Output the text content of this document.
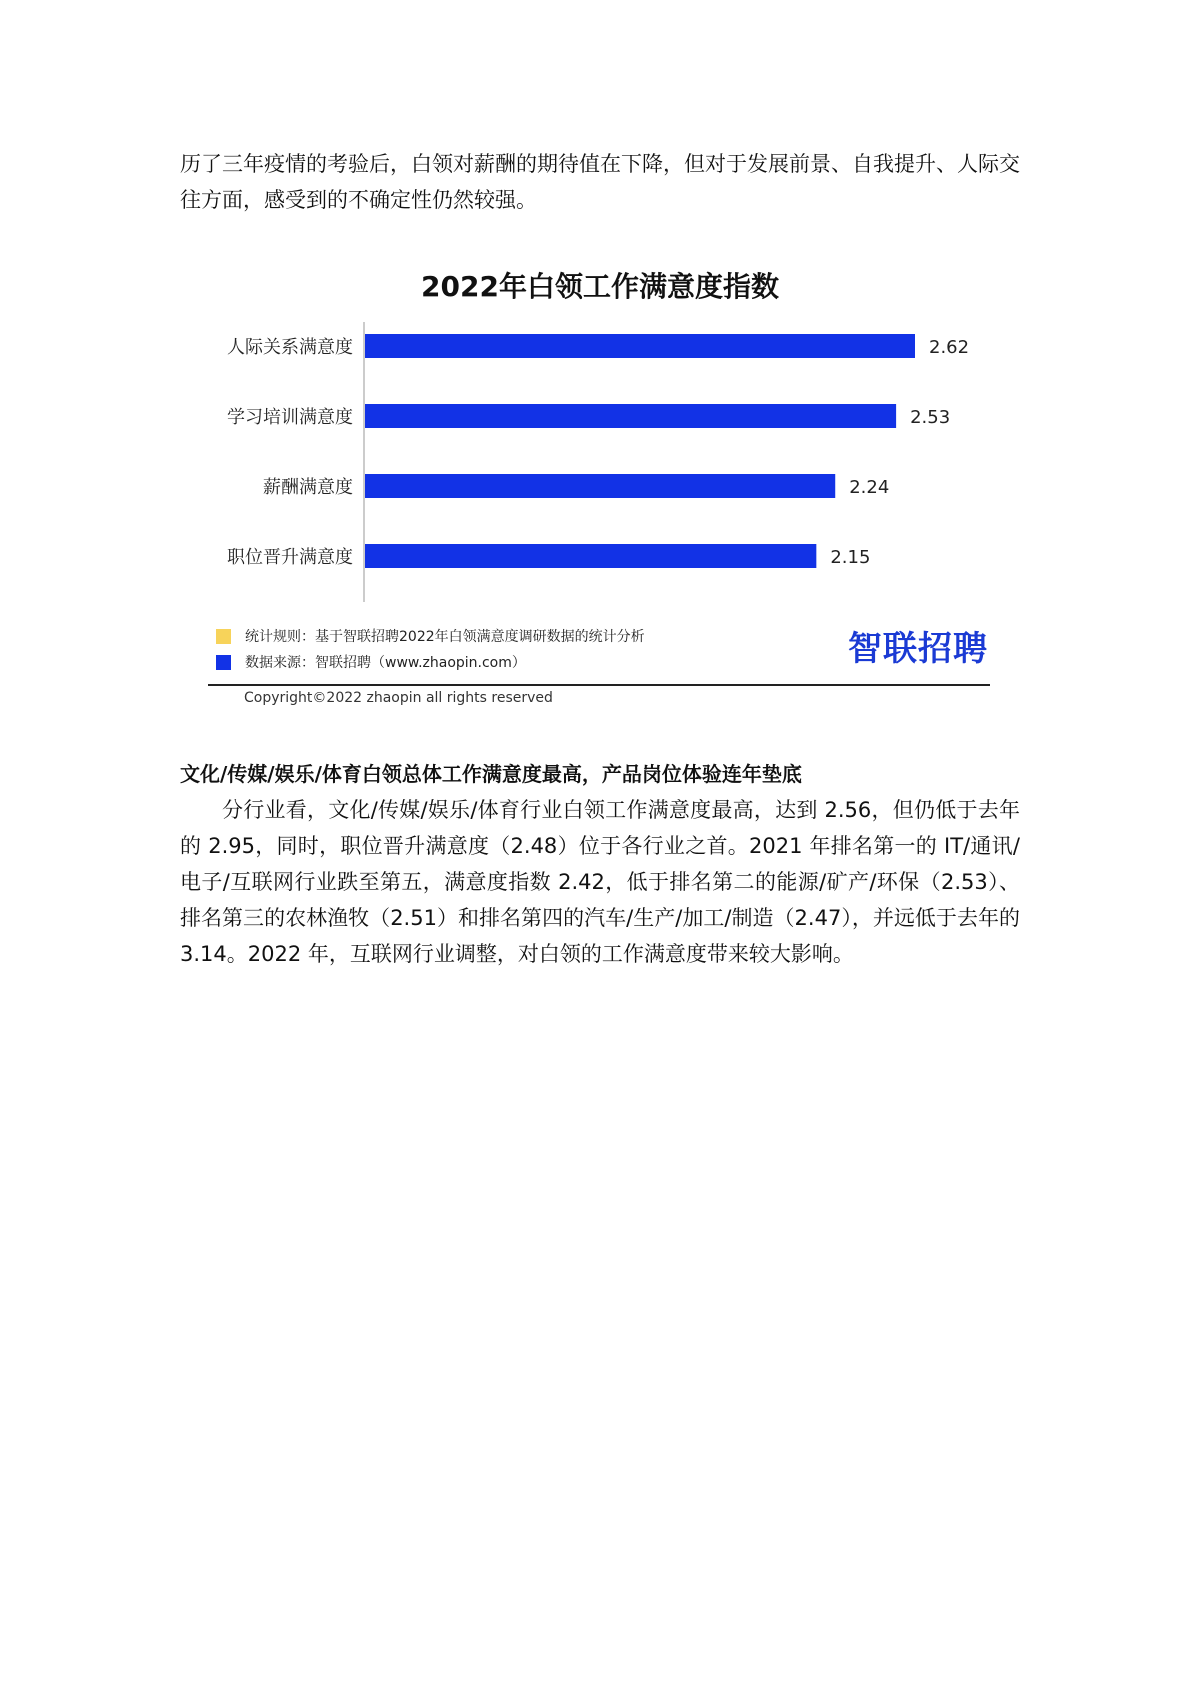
历了三年疫情的考验后，白领对薪酬的期待值在下降，但对于发展前景、自我提升、人际交往方面，感受到的不确定性仍然较强。

2022年白领工作满意度指数
人际关系满意度	2.62
学习培训满意度	2.53
薪酬满意度	2.24
职位晋升满意度	2.15
统计规则：基于智联招聘2022年白领满意度调研数据的统计分析
数据来源：智联招聘（www.zhaopin.com）	智联招聘
Copyright©2022 zhaopin all rights reserved
文化/传媒/娱乐/体育白领总体工作满意度最高，产品岗位体验连年垫底

分行业看，文化/传媒/娱乐/体育行业白领工作满意度最高，达到 2.56，但仍低于去年的 2.95，同时，职位晋升满意度（2.48）位于各行业之首。2021 年排名第一的 IT/通讯/电子/互联网行业跌至第五，满意度指数 2.42，低于排名第二的能源/矿产/环保（2.53）、排名第三的农林渔牧（2.51）和排名第四的汽车/生产/加工/制造（2.47），并远低于去年的 3.14。2022 年，互联网行业调整，对白领的工作满意度带来较大影响。
